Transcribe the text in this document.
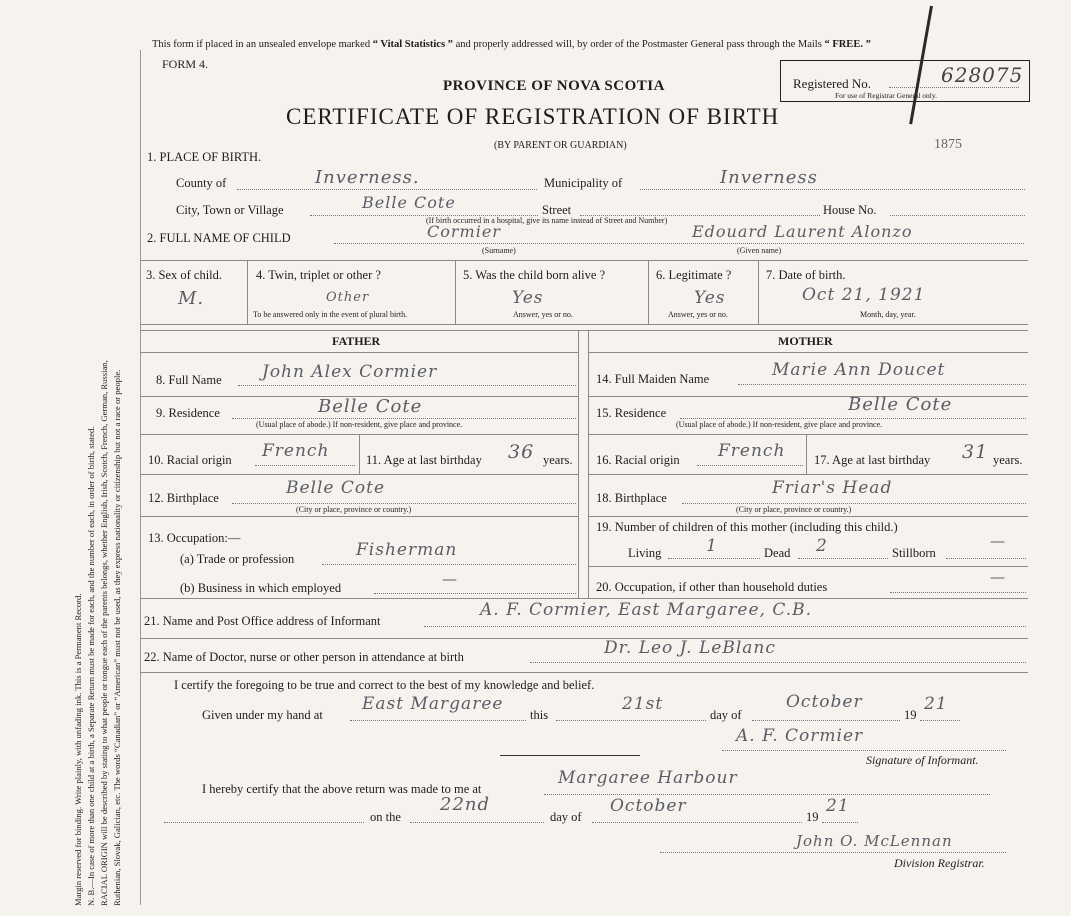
Margin reserved for binding. Write plainly, with unfading ink. This is a Permanent Record. N. B.—In case of more than one child at a birth, a Separate Return must be made for each, and the number of each, in order of birth, stated. RACIAL ORIGIN will be described by stating to what people or tongue each of the parents belongs, whether English, Irish, Scotch, French, German, Russian, Ruthenian, Slovak, Galician, etc. The words “Canadian” or “American” must not be used, as they express nationality or citizenship but not a race or people.
This form if placed in an unsealed envelope marked “ Vital Statistics ” and properly addressed will, by order of the Postmaster General pass through the Mails “ FREE. ”
FORM 4.
PROVINCE OF NOVA SCOTIA
CERTIFICATE OF REGISTRATION OF BIRTH
(BY PARENT OR GUARDIAN)
Registered No.	628075
For use of Registrar General only.
1875
1. PLACE OF BIRTH.
County of	Inverness.	Municipality of	Inverness
City, Town or Village	Belle Cote	Street	House No.
(If birth occurred in a hospital, give its name instead of Street and Number)
2. FULL NAME OF CHILD	Cormier	Edouard Laurent Alonzo
(Surname)	(Given name)
3. Sex of child.
M.
4. Twin, triplet or other ?
Other
To be answered only in the event of plural birth.
5. Was the child born alive ?
Yes
Answer, yes or no.
6. Legitimate ?
Yes
Answer, yes or no.
7. Date of birth.
Oct 21, 1921
Month, day, year.
FATHER	MOTHER
8. Full Name John Alex Cormier
9. Residence	Belle Cote
(Usual place of abode.) If non-resident, give place and province.
10. Racial origin French	11. Age at last birthday 36 years.
12. Birthplace	Belle Cote
(City or place, province or country.)
13. Occupation:—
(a) Trade or profession	Fisherman
(b) Business in which employed	—
14. Full Maiden Name	Marie Ann Doucet
15. Residence	Belle Cote
(Usual place of abode.) If non-resident, give place and province.
16. Racial origin French 17. Age at last birthday 31 years.
18. Birthplace	Friar's Head
(City or place, province or country.)
19. Number of children of this mother (including this child.)
Living	1	Dead 2	Stillborn
—
20. Occupation, if other than household duties
—
21. Name and Post Office address of Informant
A. F. Cormier, East Margaree, C.B.
22. Name of Doctor, nurse or other person in attendance at birth	Dr. Leo J. LeBlanc
I certify the foregoing to be true and correct to the best of my knowledge and belief.
Given under my hand at
East Margaree
this
21st
day of
October
19
21
A. F. Cormier
Signature of Informant.
I hereby certify that the above return was made to me at
Margaree Harbour
on the
22nd
day of
October
19
21
John O. McLennan
Division Registrar.
